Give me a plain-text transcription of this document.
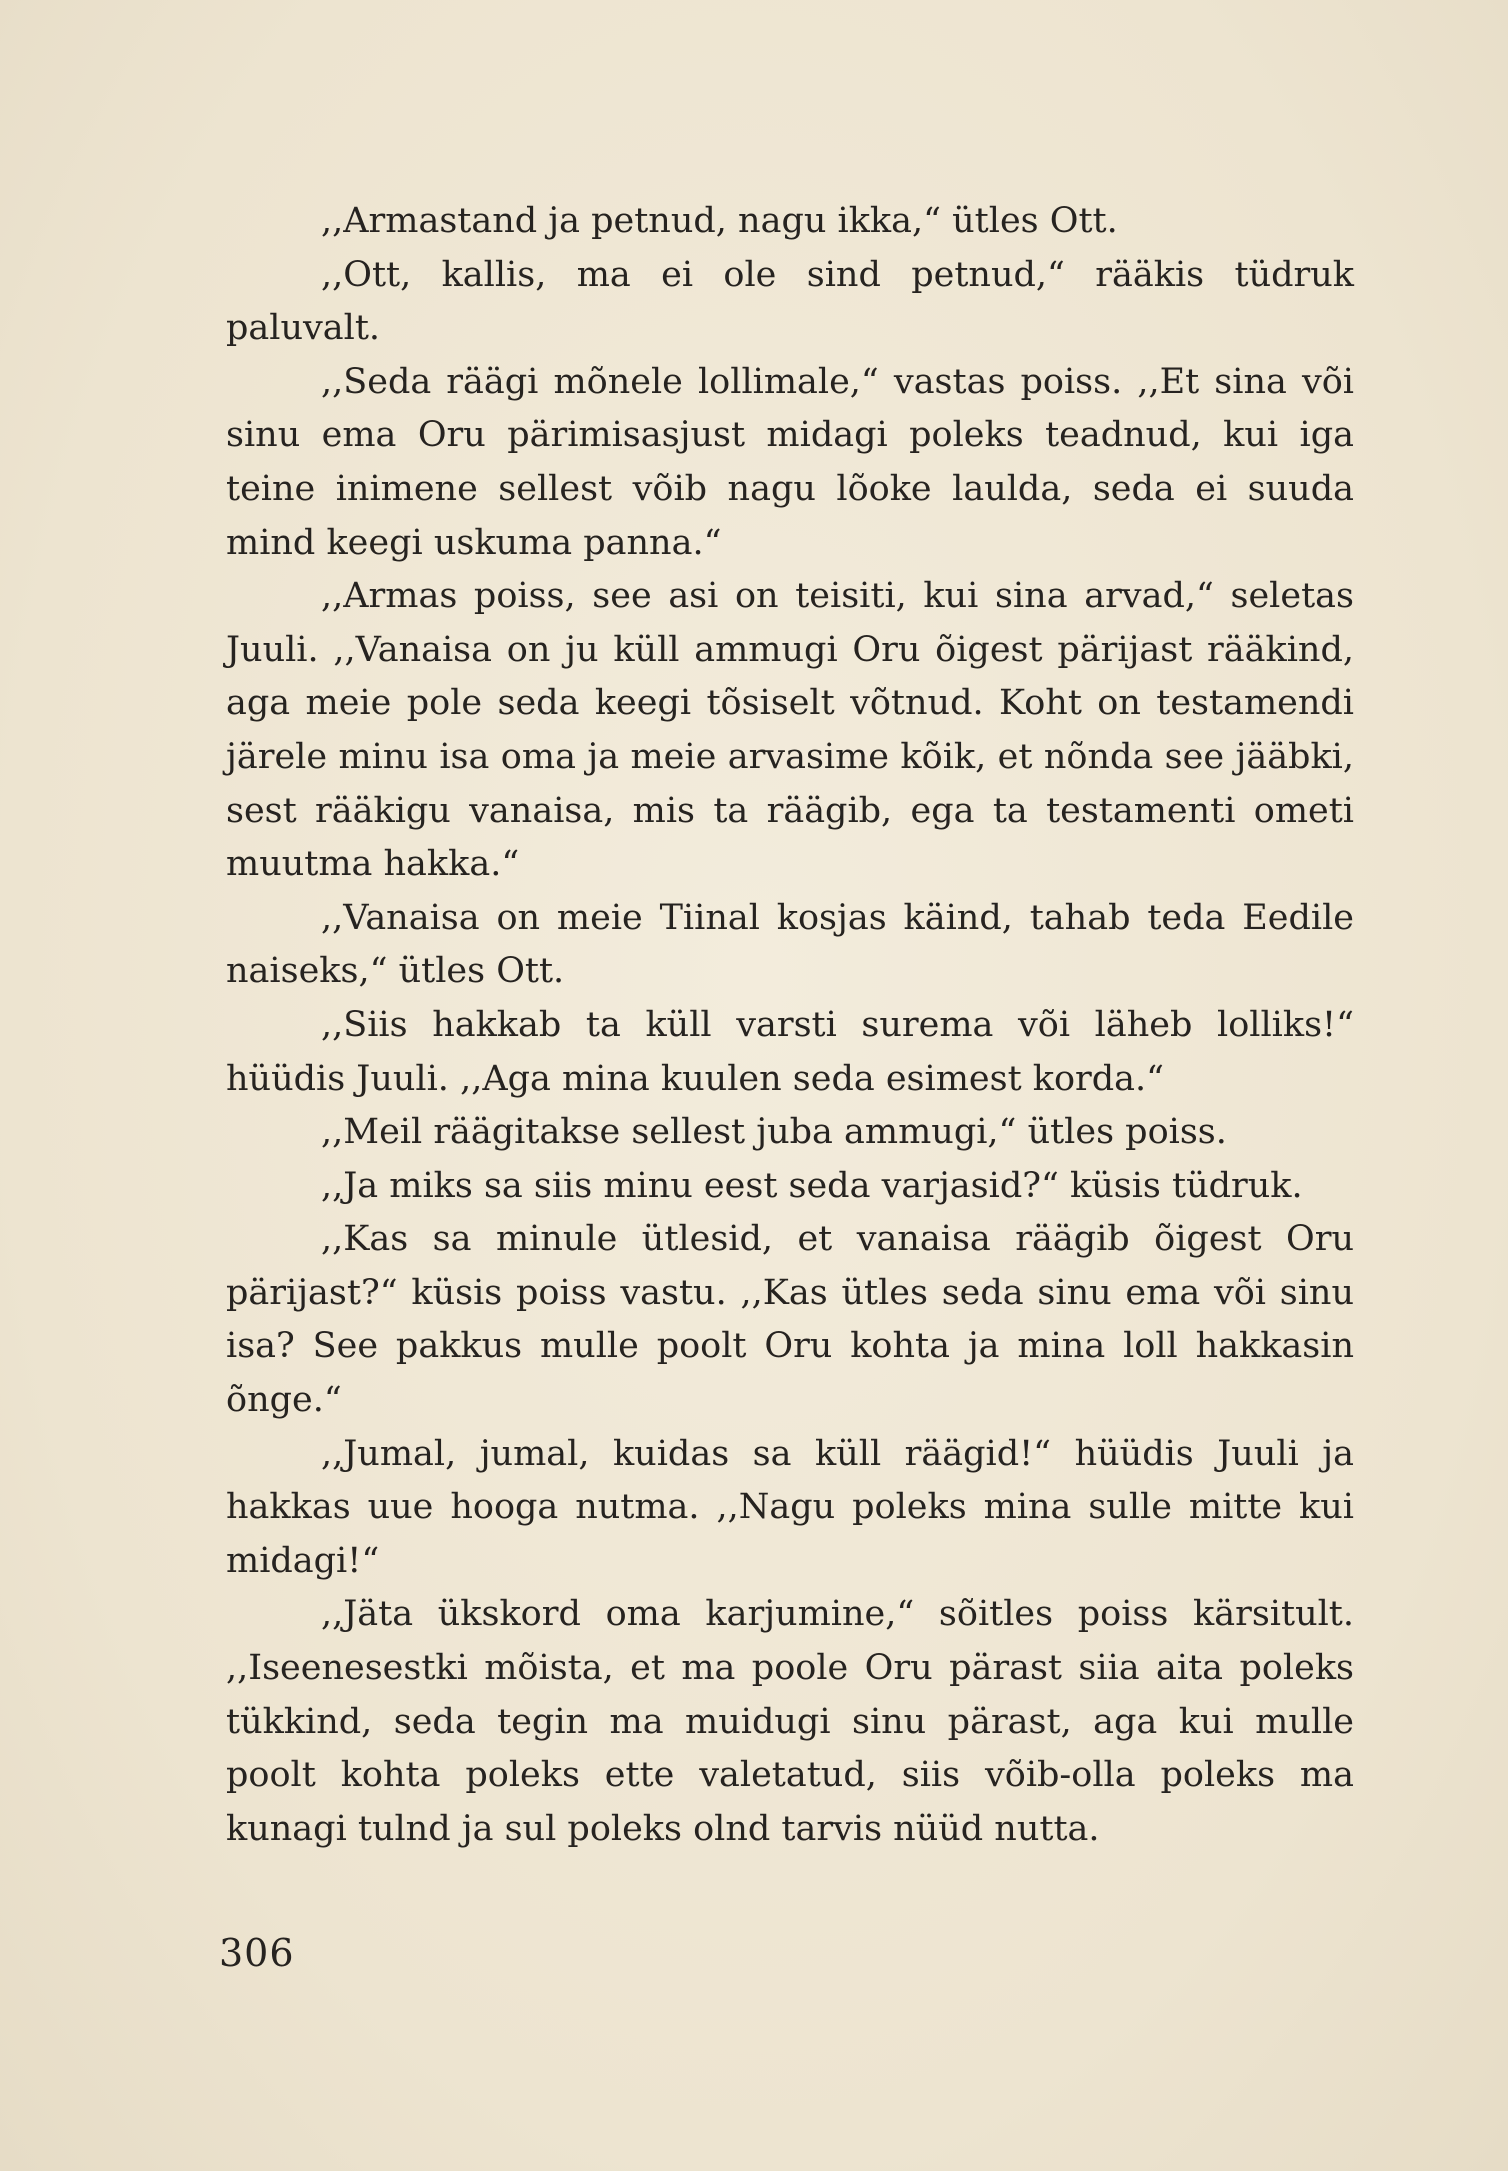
,,Armastand ja petnud, nagu ikka,“ ütles Ott.

,,Ott, kallis, ma ei ole sind petnud,“ rääkis tüdruk paluvalt.

,,Seda räägi mõnele lollimale,“ vastas poiss. ,,Et sina või sinu ema Oru pärimisasjust midagi poleks teadnud, kui iga teine inimene sellest võib nagu lõoke laulda, seda ei suuda mind keegi uskuma panna.“

,,Armas poiss, see asi on teisiti, kui sina arvad,“ seletas Juuli. ,,Vanaisa on ju küll ammugi Oru õigest pärijast rääkind, aga meie pole seda keegi tõsiselt võtnud. Koht on testamendi järele minu isa oma ja meie arvasime kõik, et nõnda see jääbki, sest rääkigu vanaisa, mis ta räägib, ega ta testamenti ometi muutma hakka.“

,,Vanaisa on meie Tiinal kosjas käind, tahab teda Eedile naiseks,“ ütles Ott.

,,Siis hakkab ta küll varsti surema või läheb lolliks!“ hüüdis Juuli. ,,Aga mina kuulen seda esimest korda.“

,,Meil räägitakse sellest juba ammugi,“ ütles poiss.

,,Ja miks sa siis minu eest seda varjasid?“ küsis tüdruk.

,,Kas sa minule ütlesid, et vanaisa räägib õigest Oru pärijast?“ küsis poiss vastu. ,,Kas ütles seda sinu ema või sinu isa? See pakkus mulle poolt Oru kohta ja mina loll hakkasin õnge.“

,,Jumal, jumal, kuidas sa küll räägid!“ hüüdis Juuli ja hakkas uue hooga nutma. ,,Nagu poleks mina sulle mitte kui midagi!“

,,Jäta ükskord oma karjumine,“ sõitles poiss kärsitult. ,,Iseenesestki mõista, et ma poole Oru pärast siia aita poleks tükkind, seda tegin ma muidugi sinu pärast, aga kui mulle poolt kohta poleks ette valetatud, siis võib-olla poleks ma kunagi tulnd ja sul poleks olnd tarvis nüüd nutta.

306
